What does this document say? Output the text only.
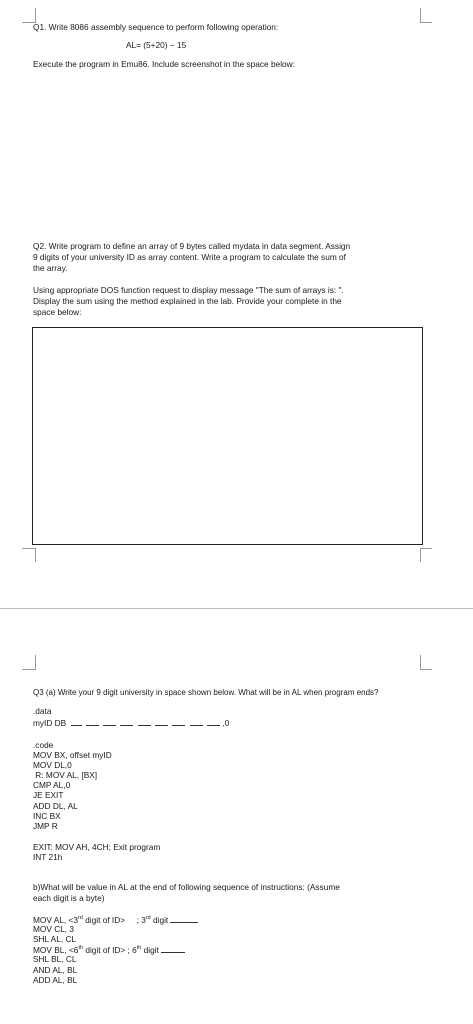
Q1. Write 8086 assembly sequence to perform following operation:
AL= (5+20) − 15
Execute the program in Emu86. Include screenshot in the space below:
Q2. Write program to define an array of 9 bytes called mydata in data segment. Assign
9 digits of your university ID as array content. Write a program to calculate the sum of
the array.
Using appropriate DOS function request to display message "The sum of arrays is: ".
Display the sum using the method explained in the lab. Provide your complete in the
space below:
Q3 (a) Write your 9 digit university in space shown below. What will be in AL when program ends?
.data
myID DB	,0
.code
MOV BX, offset myID
MOV DL,0
R: MOV AL, [BX]
CMP AL,0
JE EXIT
ADD DL, AL
INC BX
JMP R
EXIT: MOV AH, 4CH; Exit program
INT 21h
b)What will be value in AL at the end of following sequence of instructions: (Assume
each digit is a byte)
MOV AL, <3rd digit of ID>     ; 3rd digit
MOV CL, 3
SHL AL, CL
MOV BL, <6th digit of ID> ; 6th digit
SHL BL, CL
AND AL, BL
ADD AL, BL
